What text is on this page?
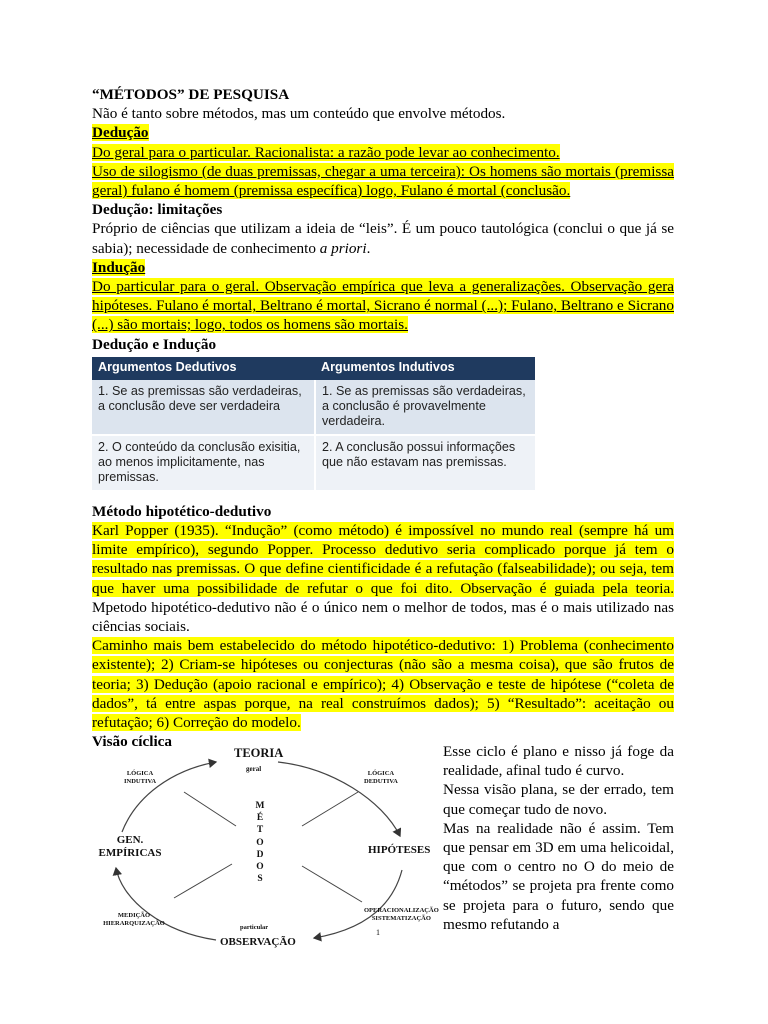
“MÉTODOS” DE PESQUISA

Não é tanto sobre métodos, mas um conteúdo que envolve métodos.

Dedução

Do geral para o particular. Racionalista: a razão pode levar ao conhecimento.

Uso de silogismo (de duas premissas, chegar a uma terceira): Os homens são mortais (premissa geral) fulano é homem (premissa específica) logo, Fulano é mortal (conclusão.

Dedução: limitações

Próprio de ciências que utilizam a ideia de “leis”. É um pouco tautológica (conclui o que já se sabia); necessidade de conhecimento a priori.

Indução

Do particular para o geral. Observação empírica que leva a generalizações. Observação gera hipóteses. Fulano é mortal, Beltrano é mortal, Sicrano é normal (...); Fulano, Beltrano e Sicrano (...) são mortais; logo, todos os homens são mortais.

Dedução e Indução
Argumentos Dedutivos	Argumentos Indutivos
1. Se as premissas são verdadeiras, a conclusão deve ser verdadeira	1. Se as premissas são verdadeiras, a conclusão é provavelmente verdadeira.
2. O conteúdo da conclusão exisitia, ao menos implicitamente, nas premissas.	2. A conclusão possui informações que não estavam nas premissas.
Método hipotético-dedutivo

Karl Popper (1935). “Indução” (como método) é impossível no mundo real (sempre há um limite empírico), segundo Popper. Processo dedutivo seria complicado porque já tem o resultado nas premissas. O que define cientificidade é a refutação (falseabilidade); ou seja, tem que haver uma possibilidade de refutar o que foi dito. Observação é guiada pela teoria. Mpetodo hipotético-dedutivo não é o único nem o melhor de todos, mas é o mais utilizado nas ciências sociais.

Caminho mais bem estabelecido do método hipotético-dedutivo: 1) Problema (conhecimento existente); 2) Criam-se hipóteses ou conjecturas (não são a mesma coisa), que são frutos de teoria; 3) Dedução (apoio racional e empírico); 4) Observação e teste de hipótese (“coleta de dados”, tá entre aspas porque, na real construímos dados); 5) “Resultado”: aceitação ou refutação; 6) Correção do modelo.

Visão cíclica
TEORIA
geral
LÓGICA
INDUTIVA
LÓGICA
DEDUTIVA
GEN.
EMPÍRICAS	HIPÓTESES
M
É
T
O
D
O
S
MEDIÇÃO
HIERARQUIZAÇÃO
particular
OBSERVAÇÃO
OPERACIONALIZAÇÃO
SISTEMATIZAÇÃO
1

Esse ciclo é plano e nisso já foge da realidade, afinal tudo é curvo.

Nessa visão plana, se der errado, tem que começar tudo de novo.

Mas na realidade não é assim. Tem que pensar em 3D em uma helicoidal, que com o centro no O do meio de “métodos” se projeta pra frente como se projeta para o futuro, sendo que mesmo refutando a
